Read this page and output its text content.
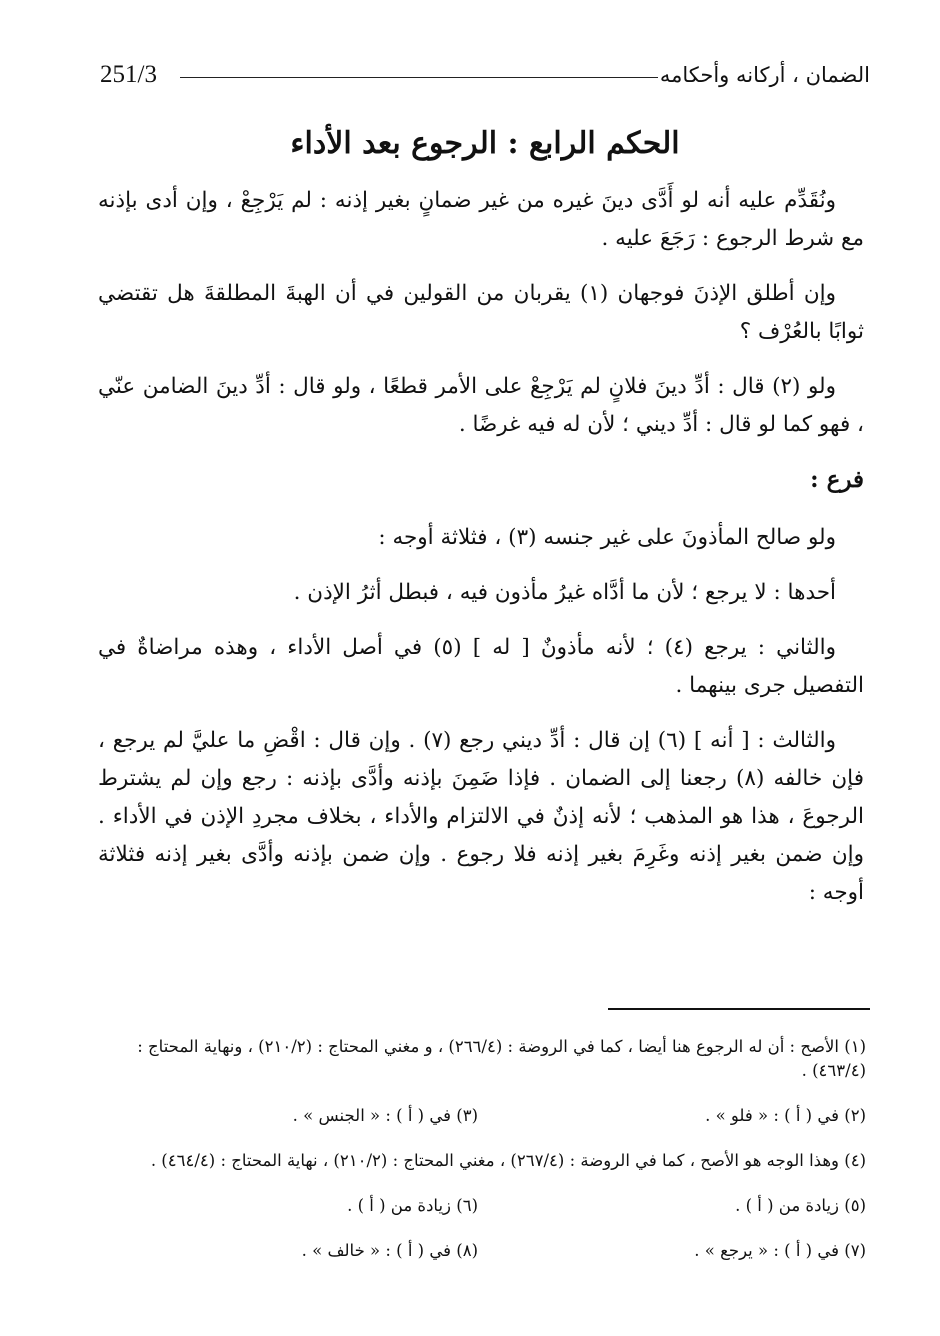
251/3	الضمان ، أركانه وأحكامه
الحكم الرابع : الرجوع بعد الأداء

ونُقَدِّم عليه أنه لو أَدَّى دينَ غيره من غير ضمانٍ بغير إذنه : لم يَرْجِعْ ، وإن أدى بإذنه مع شرط الرجوع : رَجَعَ عليه .

وإن أطلق الإذنَ فوجهان (١) يقربان من القولين في أن الهبةَ المطلقةَ هل تقتضي ثوابًا بالعُرْف ؟

ولو (٢) قال : أدِّ دينَ فلانٍ لم يَرْجِعْ على الأمر قطعًا ، ولو قال : أدِّ دينَ الضامن عنّي ، فهو كما لو قال : أدِّ ديني ؛ لأن له فيه غرضًا .

فرع :

ولو صالح المأذونَ على غير جنسه (٣) ، فثلاثة أوجه :

أحدها : لا يرجع ؛ لأن ما أدَّاه غيرُ مأذون فيه ، فبطل أثرُ الإذن .

والثاني : يرجع (٤) ؛ لأنه مأذونٌ [ له ] (٥) في أصل الأداء ، وهذه مراضاةٌ في التفصيل جرى بينهما .

والثالث : [ أنه ] (٦) إن قال : أدِّ ديني رجع (٧) . وإن قال : اقْضِ ما عليَّ لم يرجع ، فإن خالفه (٨) رجعنا إلى الضمان . فإذا ضَمِنَ بإذنه وأدَّى بإذنه : رجع وإن لم يشترط الرجوعَ ، هذا هو المذهب ؛ لأنه إذنٌ في الالتزام والأداء ، بخلاف مجردِ الإذن في الأداء . وإن ضمن بغير إذنه وغَرِمَ بغير إذنه فلا رجوع . وإن ضمن بإذنه وأدَّى بغير إذنه فثلاثة أوجه :

(١) الأصح : أن له الرجوع هنا أيضا ، كما في الروضة : (٢٦٦/٤) ، و مغني المحتاج : (٢١٠/٢) ، ونهاية المحتاج : (٤٦٣/٤) .
(٢) في ( أ ) : « فلو » .
(٣) في ( أ ) : « الجنس » .
(٤) وهذا الوجه هو الأصح ، كما في الروضة : (٢٦٧/٤) ، مغني المحتاج : (٢١٠/٢) ، نهاية المحتاج : (٤٦٤/٤) .
(٥) زيادة من ( أ ) .
(٦) زيادة من ( أ ) .
(٧) في ( أ ) : « يرجع » .
(٨) في ( أ ) : « خالف » .
